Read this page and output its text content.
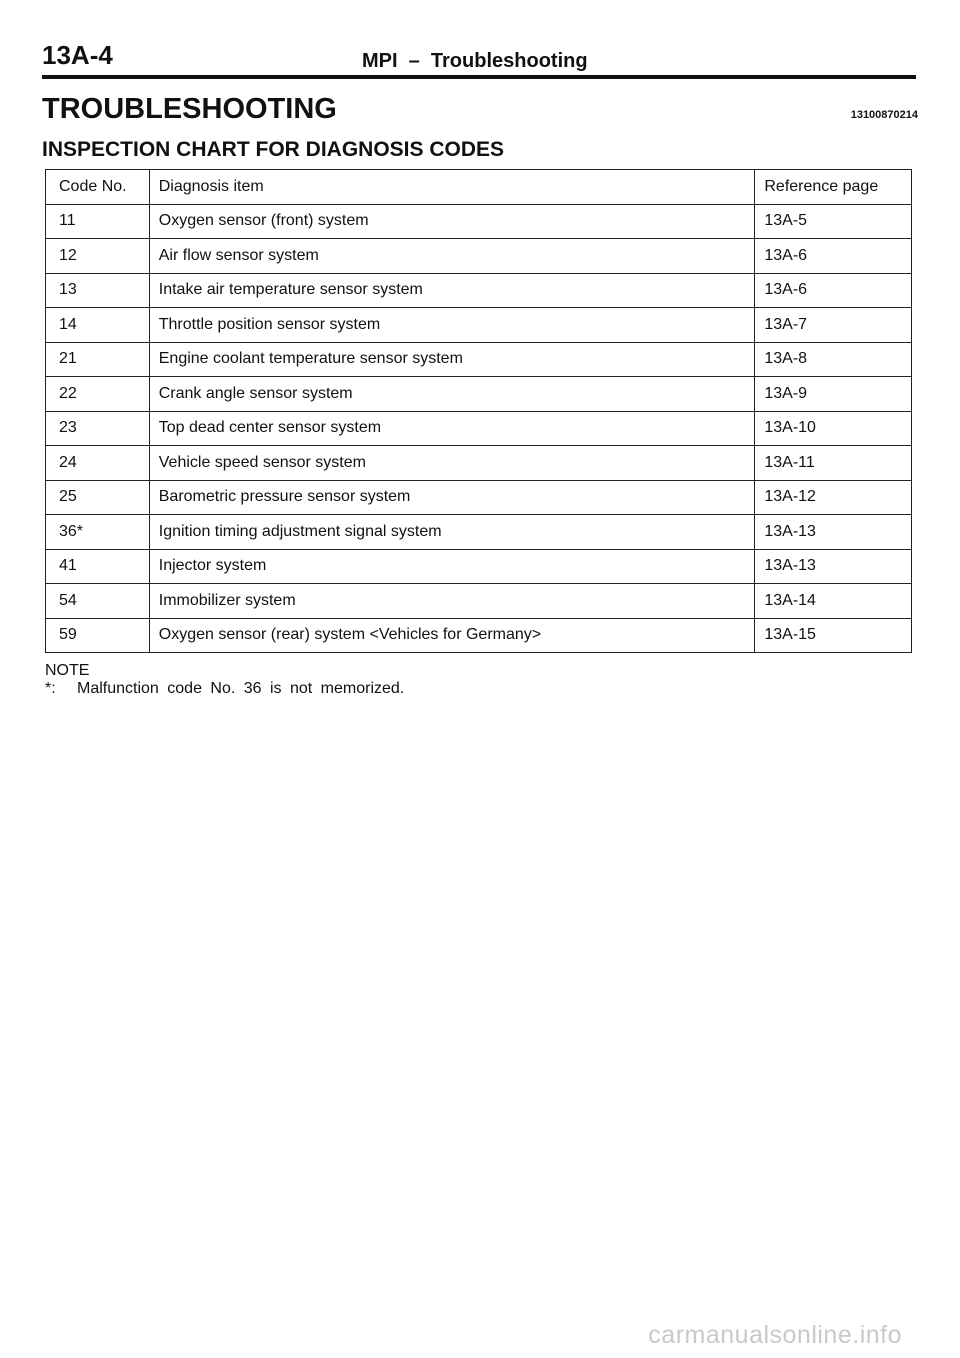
13A-4	MPI  –  Troubleshooting
TROUBLESHOOTING	13100870214
INSPECTION CHART FOR DIAGNOSIS CODES
Code No.	Diagnosis item	Reference page
11	Oxygen sensor (front) system	13A-5
12	Air flow sensor system	13A-6
13	Intake air temperature sensor system	13A-6
14	Throttle position sensor system	13A-7
21	Engine coolant temperature sensor system	13A-8
22	Crank angle sensor system	13A-9
23	Top dead center sensor system	13A-10
24	Vehicle speed sensor system	13A-11
25	Barometric pressure sensor system	13A-12
36*	Ignition timing adjustment signal system	13A-13
41	Injector system	13A-13
54	Immobilizer system	13A-14
59	Oxygen sensor (rear) system <Vehicles for Germany>	13A-15
NOTE
*: Malfunction code No. 36 is not memorized.
carmanualsonline.info
